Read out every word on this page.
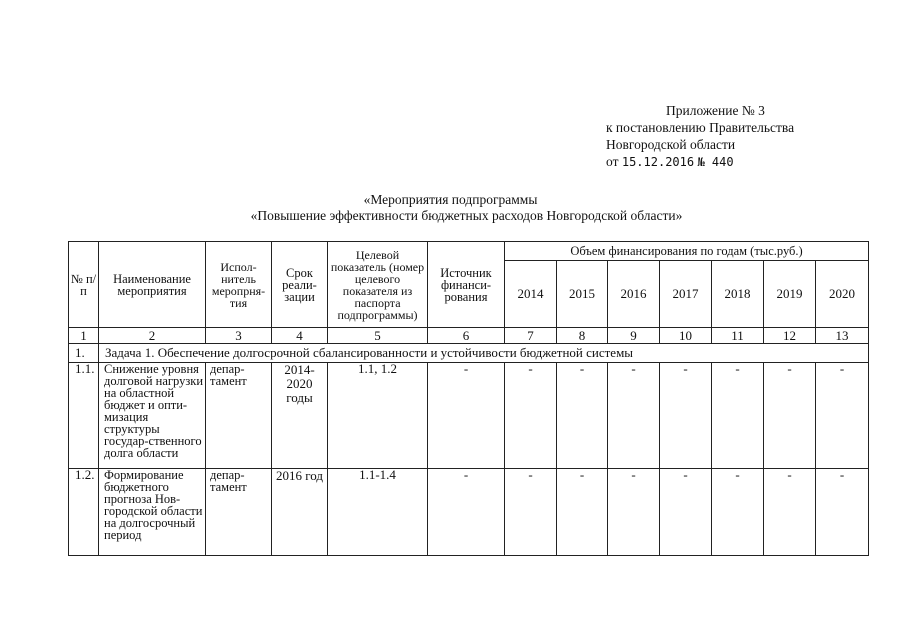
Приложение № 3
к постановлению Правительства
Новгородской области
от 15.12.2016 № 440
«Мероприятия подпрограммы
«Повышение эффективности бюджетных расходов Новгородской области»
№ п/п	Наименование мероприятия	Испол-нитель меропрня-тия	Срок реали-зации	Целевой показатель (номер целевого показателя из паспорта подпрограммы)	Источник финанси-рования	Объем финансирования по годам (тыс.руб.)						
						2014	2015	2016	2017	2018	2019	2020
1	2	3	4	5	6	7	8	9	10	11	12	13
1.	Задача 1. Обеспечение долгосрочной сбалансированности и устойчивости бюджетной системы											
1.1.	Снижение уровня долговой нагрузки на областной бюджет и опти-мизация структуры государ-ственного долга области	депар-тамент	2014-2020 годы	1.1, 1.2	-	-	-	-	-	-	-	-
1.2.	Формирование бюджетного прогноза Нов-городской области на долгосрочный период	депар-тамент	2016 год	1.1-1.4	-	-	-	-	-	-	-	-
